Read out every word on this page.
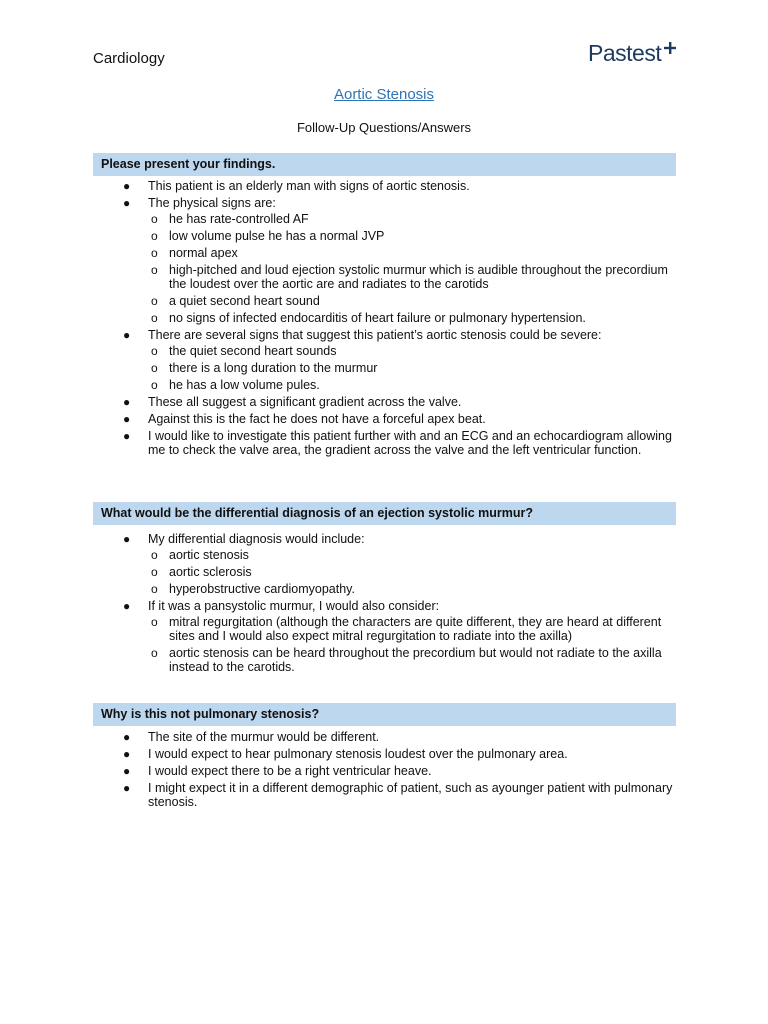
Cardiology	Pastest
Aortic Stenosis
Follow-Up Questions/Answers
Please present your findings.
● This patient is an elderly man with signs of aortic stenosis.
● The physical signs are:
o he has rate-controlled AF
o low volume pulse he has a normal JVP
o normal apex
o high-pitched and loud ejection systolic murmur which is audible throughout the precordium the loudest over the aortic are and radiates to the carotids
o a quiet second heart sound
o no signs of infected endocarditis of heart failure or pulmonary hypertension.
● There are several signs that suggest this patient’s aortic stenosis could be severe:
o the quiet second heart sounds
o there is a long duration to the murmur
o he has a low volume pules.
● These all suggest a significant gradient across the valve.
● Against this is the fact he does not have a forceful apex beat.
● I would like to investigate this patient further with and an ECG and an echocardiogram allowing me to check the valve area, the gradient across the valve and the left ventricular function.
What would be the differential diagnosis of an ejection systolic murmur?
● My differential diagnosis would include:
o aortic stenosis
o aortic sclerosis
o hyperobstructive cardiomyopathy.
● If it was a pansystolic murmur, I would also consider:
o mitral regurgitation (although the characters are quite different, they are heard at different sites and I would also expect mitral regurgitation to radiate into the axilla)
o aortic stenosis can be heard throughout the precordium but would not radiate to the axilla instead to the carotids.
Why is this not pulmonary stenosis?
● The site of the murmur would be different.
● I would expect to hear pulmonary stenosis loudest over the pulmonary area.
● I would expect there to be a right ventricular heave.
● I might expect it in a different demographic of patient, such as ayounger patient with pulmonary stenosis.
